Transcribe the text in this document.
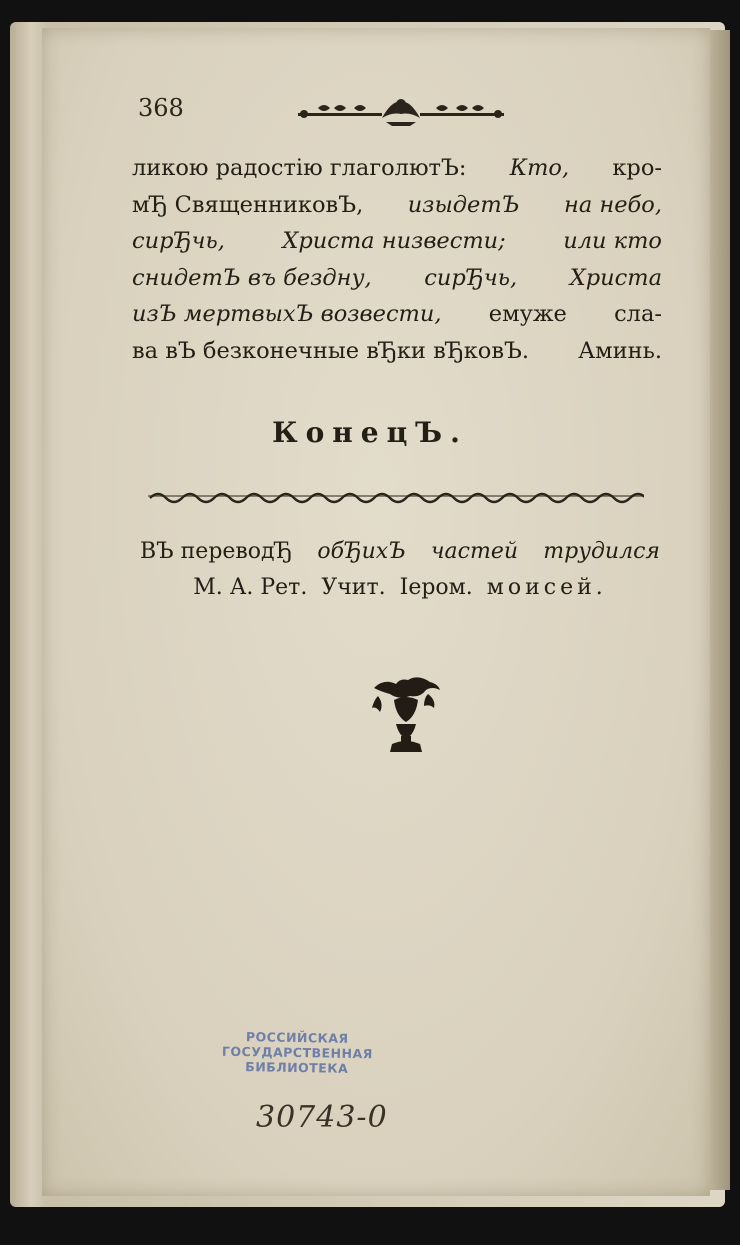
368
ликою радостію глаголютЪ: Кто, кро-
мЂ СвященниковЪ, изыдетЪ на небо,
сирЂчь,	Христа низвести;	или кто
снидетЪ въ бездну, сирЂчь, Христа
изЪ мертвыхЪ возвести, емуже сла-
ва вЪ безконечные вЂки вЂковЪ. Аминь.
КонецЪ.
ВЪ переводЂ обЂихЪ частей трудился
М. А. Рет. Учит. Іером. моисей.
РОССИЙСКАЯ
ГОСУДАРСТВЕННАЯ
БИБЛИОТЕКА
30743-0
